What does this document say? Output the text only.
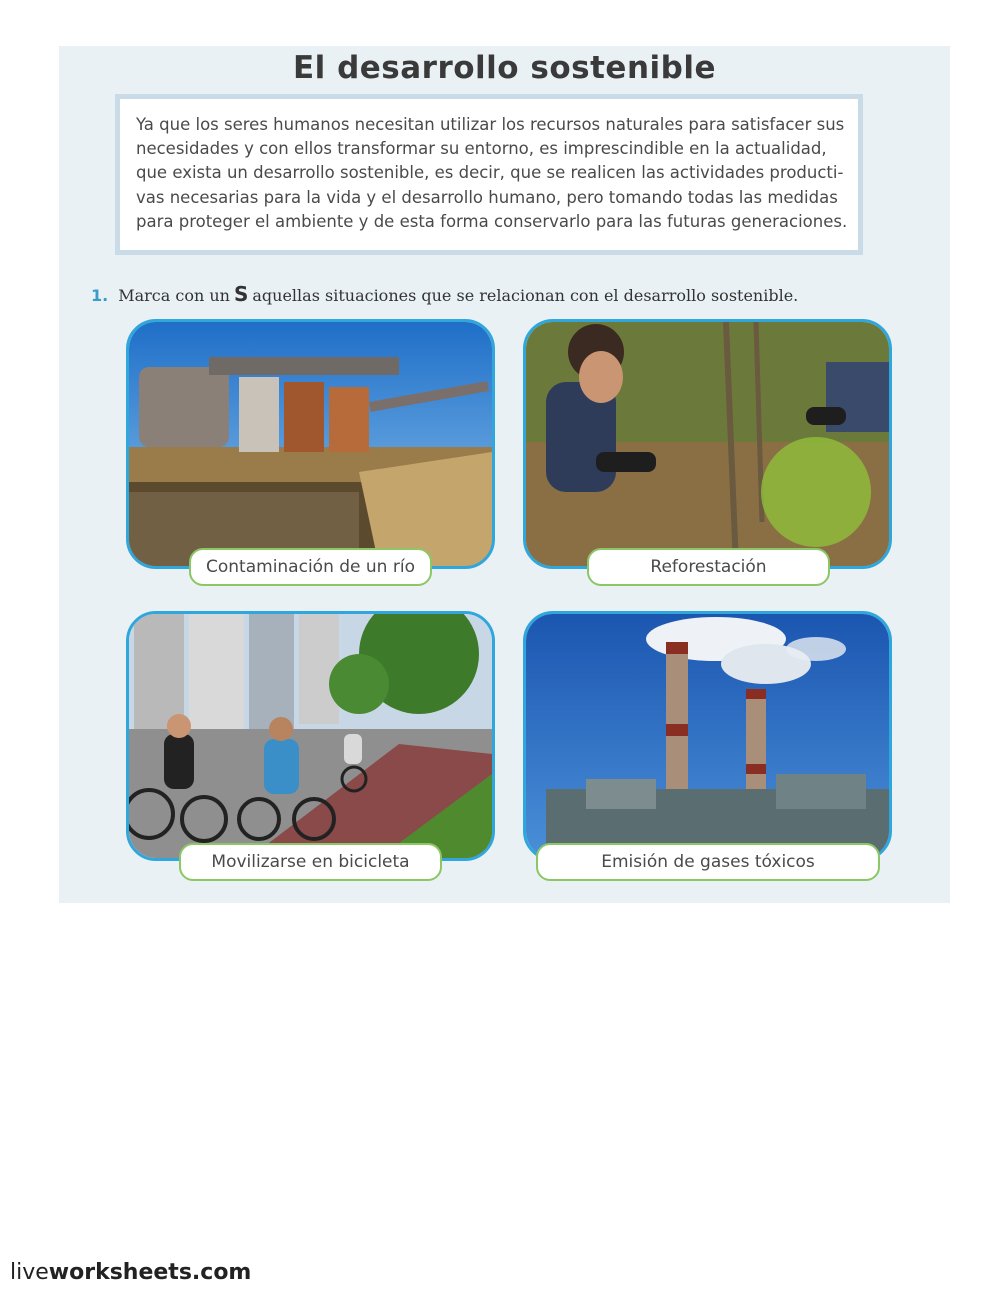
El desarrollo sostenible
Ya que los seres humanos necesitan utilizar los recursos naturales para satisfacer sus
necesidades y con ellos transformar su entorno, es imprescindible en la actualidad,
que exista un desarrollo sostenible, es decir, que se realicen las actividades producti-
vas necesarias para la vida y el desarrollo humano, pero tomando todas las medidas
para proteger el ambiente y de esta forma conservarlo para las futuras generaciones.
1. Marca con un S aquellas situaciones que se relacionan con el desarrollo sostenible.
Contaminación de un río	Reforestación
Movilizarse en bicicleta	Emisión de gases tóxicos
liveworksheets.com
